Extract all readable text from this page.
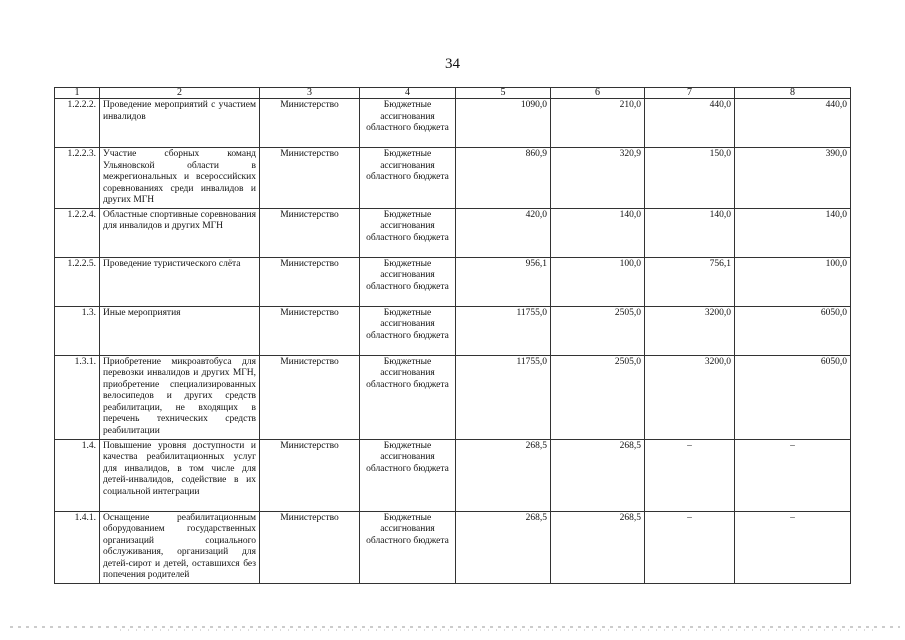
34
1	2	3	4	5	6	7	8
1.2.2.2.	Проведение мероприятий с участием инвалидов	Министерство	Бюджетные ассигнования областного бюджета	1090,0	210,0	440,0	440,0
1.2.2.3.	Участие сборных команд Ульяновской области в межрегиональных и всероссийских соревнованиях среди инвалидов и других МГН	Министерство	Бюджетные ассигнования областного бюджета	860,9	320,9	150,0	390,0
1.2.2.4.	Областные спортивные соревнования для инвалидов и других МГН	Министерство	Бюджетные ассигнования областного бюджета	420,0	140,0	140,0	140,0
1.2.2.5.	Проведение туристического слёта	Министерство	Бюджетные ассигнования областного бюджета	956,1	100,0	756,1	100,0
1.3.	Иные мероприятия	Министерство	Бюджетные ассигнования областного бюджета	11755,0	2505,0	3200,0	6050,0
1.3.1.	Приобретение микроавтобуса для перевозки инвалидов и других МГН, приобретение специализированных велосипедов и других средств реабилитации, не входящих в перечень технических средств реабилитации	Министерство	Бюджетные ассигнования областного бюджета	11755,0	2505,0	3200,0	6050,0
1.4.	Повышение уровня доступности и качества реабилитационных услуг для инвалидов, в том числе для детей-инвалидов, содействие в их социальной интеграции	Министерство	Бюджетные ассигнования областного бюджета	268,5	268,5	–	–
1.4.1.	Оснащение реабилитационным оборудованием государственных организаций социального обслуживания, организаций для детей-сирот и детей, оставшихся без попечения родителей	Министерство	Бюджетные ассигнования областного бюджета	268,5	268,5	–	–
